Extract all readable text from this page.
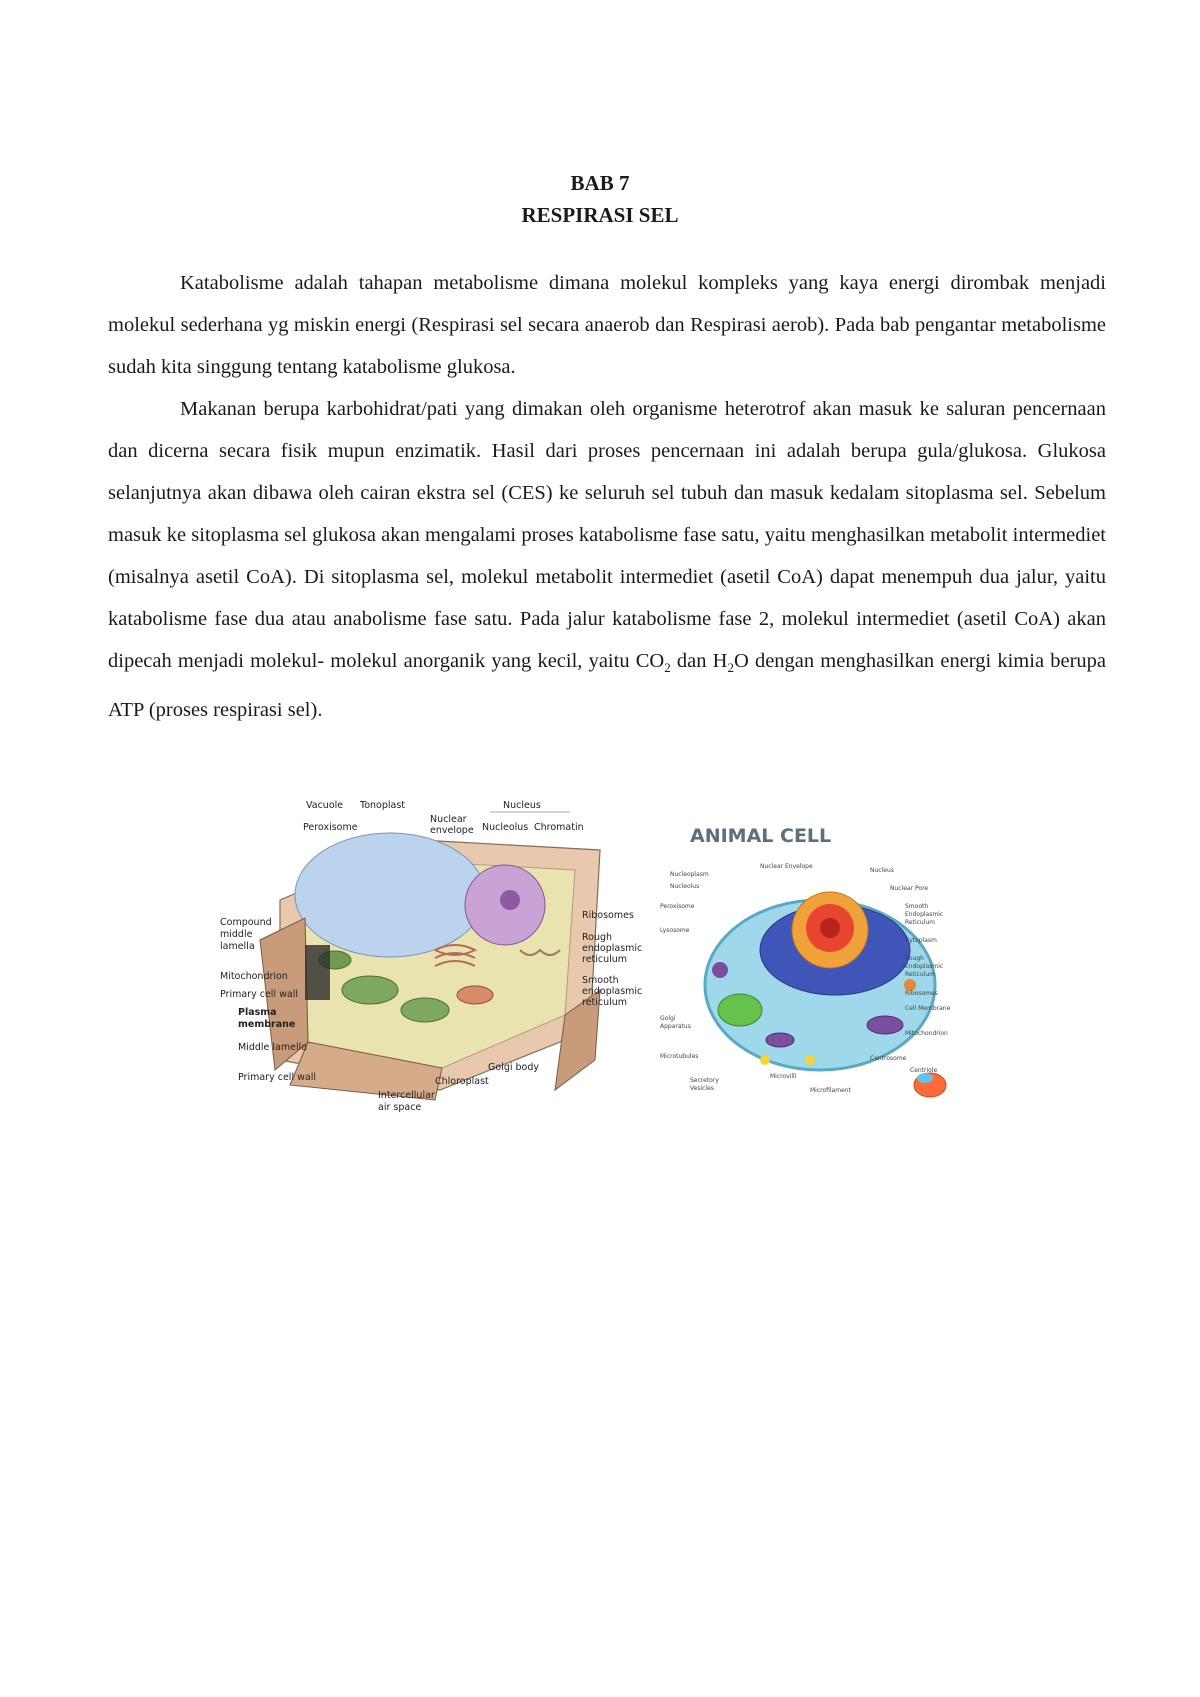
BAB 7
RESPIRASI SEL

Katabolisme adalah tahapan metabolisme dimana molekul kompleks yang kaya energi dirombak menjadi molekul sederhana yg miskin energi (Respirasi sel secara anaerob dan Respirasi aerob). Pada bab pengantar metabolisme sudah kita singgung tentang katabolisme glukosa.

Makanan berupa karbohidrat/pati yang dimakan oleh organisme heterotrof akan masuk ke saluran pencernaan dan dicerna secara fisik mupun enzimatik. Hasil dari proses pencernaan ini adalah berupa gula/glukosa. Glukosa selanjutnya akan dibawa oleh cairan ekstra sel (CES) ke seluruh sel tubuh dan masuk kedalam sitoplasma sel. Sebelum masuk ke sitoplasma sel glukosa akan mengalami proses katabolisme fase satu, yaitu menghasilkan metabolit intermediet (misalnya asetil CoA). Di sitoplasma sel, molekul metabolit intermediet (asetil CoA) dapat menempuh dua jalur, yaitu katabolisme fase dua atau anabolisme fase satu. Pada jalur katabolisme fase 2, molekul intermediet (asetil CoA) akan dipecah menjadi molekul- molekul anorganik yang kecil, yaitu $CO_2$ dan $H_2O$ dengan menghasilkan energi kimia berupa ATP (proses respirasi sel).

Vacuole Tonoplast	Nucleus
Peroxisome
Nuclear
envelope Nucleolus Chromatin
Compound
middle
lamella
Mitochondrion
Primary cell wall
Plasma
membrane
Middle lamella
Primary cell wall
Ribosomes
Rough
endoplasmic
reticulum
Smooth
endoplasmic
reticulum
Golgi body
Chloroplast
Intercellular
air space
ANIMAL CELL
Nucleoplasm
Nuclear Envelope
Nucleus
Nucleolus	Nuclear Pore
Peroxisome	Smooth
Endoplasmic
Reticulum
Lysosome
Cytoplasm
Rough
Endoplasmic
Reticulum
Ribosomes
Golgi
Apparatus
Cell Membrane
Mitochondrion
Microtubules	Centrosome
Centriole
Secretory
Vesicles
Microvilli
Microfilament
